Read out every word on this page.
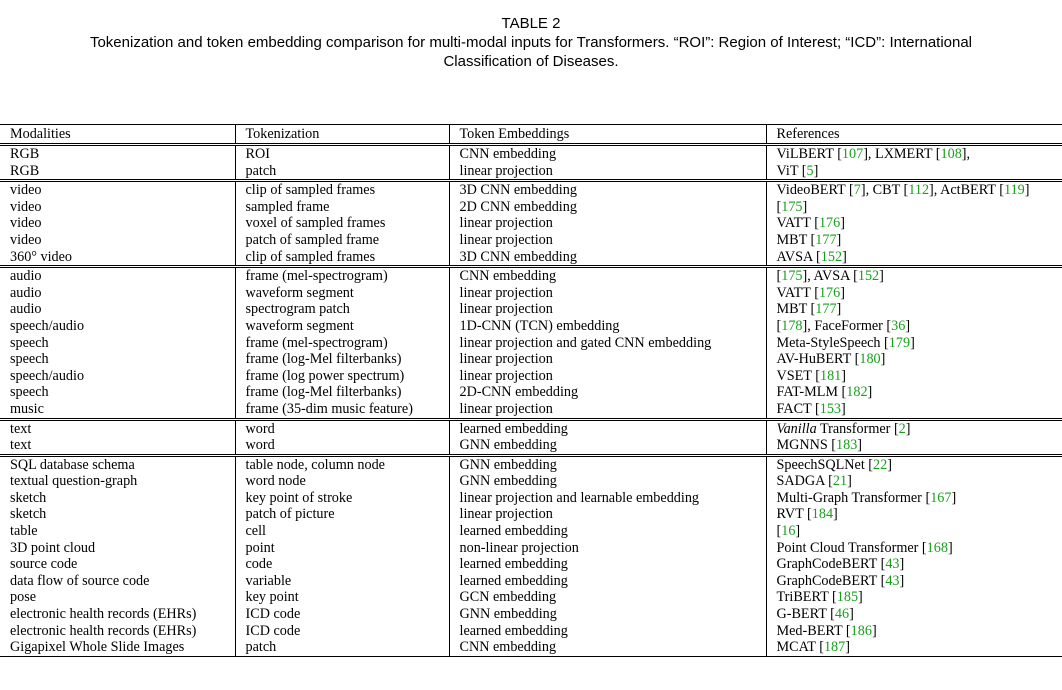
TABLE 2
Tokenization and token embedding comparison for multi-modal inputs for Transformers. “ROI”: Region of Interest; “ICD”: International
Classification of Diseases.
Modalities	Tokenization	Token Embeddings	References
RGB	ROI	CNN embedding	ViLBERT [107], LXMERT [108],
RGB	patch	linear projection	ViT [5]
video	clip of sampled frames	3D CNN embedding	VideoBERT [7], CBT [112], ActBERT [119]
video	sampled frame	2D CNN embedding	[175]
video	voxel of sampled frames	linear projection	VATT [176]
video	patch of sampled frame	linear projection	MBT [177]
360° video	clip of sampled frames	3D CNN embedding	AVSA [152]
audio	frame (mel-spectrogram)	CNN embedding	[175], AVSA [152]
audio	waveform segment	linear projection	VATT [176]
audio	spectrogram patch	linear projection	MBT [177]
speech/audio	waveform segment	1D-CNN (TCN) embedding	[178], FaceFormer [36]
speech	frame (mel-spectrogram)	linear projection and gated CNN embedding	Meta-StyleSpeech [179]
speech	frame (log-Mel filterbanks)	linear projection	AV-HuBERT [180]
speech/audio	frame (log power spectrum)	linear projection	VSET [181]
speech	frame (log-Mel filterbanks)	2D-CNN embedding	FAT-MLM [182]
music	frame (35-dim music feature)	linear projection	FACT [153]
text	word	learned embedding	Vanilla Transformer [2]
text	word	GNN embedding	MGNNS [183]
SQL database schema	table node, column node	GNN embedding	SpeechSQLNet [22]
textual question-graph	word node	GNN embedding	SADGA [21]
sketch	key point of stroke	linear projection and learnable embedding	Multi-Graph Transformer [167]
sketch	patch of picture	linear projection	RVT [184]
table	cell	learned embedding	[16]
3D point cloud	point	non-linear projection	Point Cloud Transformer [168]
source code	code	learned embedding	GraphCodeBERT [43]
data flow of source code	variable	learned embedding	GraphCodeBERT [43]
pose	key point	GCN embedding	TriBERT [185]
electronic health records (EHRs)	ICD code	GNN embedding	G-BERT [46]
electronic health records (EHRs)	ICD code	learned embedding	Med-BERT [186]
Gigapixel Whole Slide Images	patch	CNN embedding	MCAT [187]
